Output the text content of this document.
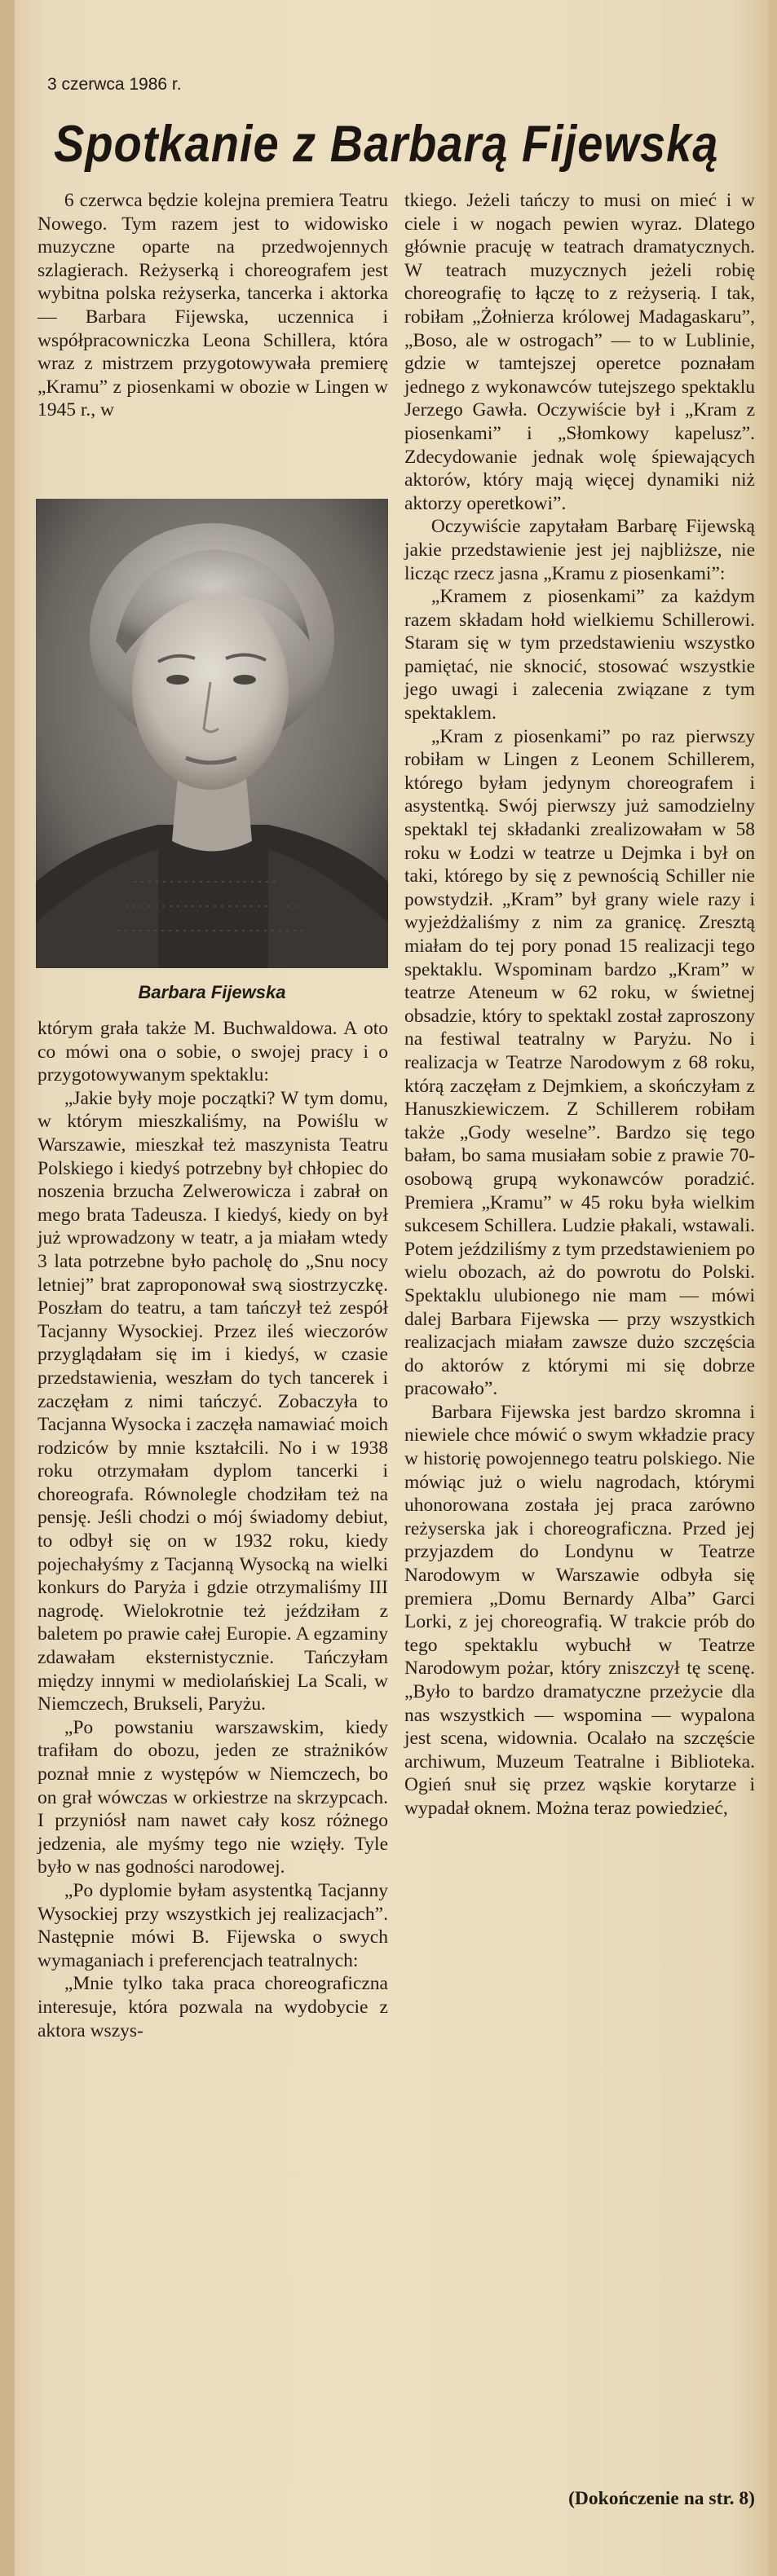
3 czerwca 1986 r.
Spotkanie z Barbarą Fijewską

6 czerwca będzie kolejna premiera Teatru Nowego. Tym razem jest to widowisko muzyczne oparte na przedwojennych szlagierach. Reżyserką i choreografem jest wybitna polska reżyserka, tancerka i aktorka — Barbara Fijewska, uczennica i współpracowniczka Leona Schillera, która wraz z mistrzem przygotowywała premierę „Kramu” z piosenkami w obozie w Lingen w 1945 r., w

Barbara Fijewska

którym grała także M. Buchwaldowa. A oto co mówi ona o sobie, o swojej pracy i o przygotowywanym spektaklu:

„Jakie były moje początki? W tym domu, w którym mieszkaliśmy, na Powiślu w Warszawie, mieszkał też maszynista Teatru Polskiego i kiedyś potrzebny był chłopiec do noszenia brzucha Zelwerowicza i zabrał on mego brata Tadeusza. I kiedyś, kiedy on był już wprowadzony w teatr, a ja miałam wtedy 3 lata potrzebne było pacholę do „Snu nocy letniej” brat zaproponował swą siostrzyczkę. Poszłam do teatru, a tam tańczył też zespół Tacjanny Wysockiej. Przez ileś wieczorów przyglądałam się im i kiedyś, w czasie przedstawienia, weszłam do tych tancerek i zaczęłam z nimi tańczyć. Zobaczyła to Tacjanna Wysocka i zaczęła namawiać moich rodziców by mnie kształcili. No i w 1938 roku otrzymałam dyplom tancerki i choreografa. Równolegle chodziłam też na pensję. Jeśli chodzi o mój świadomy debiut, to odbył się on w 1932 roku, kiedy pojechałyśmy z Tacjanną Wysocką na wielki konkurs do Paryża i gdzie otrzymaliśmy III nagrodę. Wielokrotnie też jeździłam z baletem po prawie całej Europie. A egzaminy zdawałam eksternistycznie. Tańczyłam między innymi w mediolańskiej La Scali, w Niemczech, Brukseli, Paryżu.

„Po powstaniu warszawskim, kiedy trafiłam do obozu, jeden ze strażników poznał mnie z występów w Niemczech, bo on grał wówczas w orkiestrze na skrzypcach. I przyniósł nam nawet cały kosz różnego jedzenia, ale myśmy tego nie wzięły. Tyle było w nas godności narodowej.

„Po dyplomie byłam asystentką Tacjanny Wysockiej przy wszystkich jej realizacjach”. Następnie mówi B. Fijewska o swych wymaganiach i preferencjach teatralnych:

„Mnie tylko taka praca choreograficzna interesuje, która pozwala na wydobycie z aktora wszys-

tkiego. Jeżeli tańczy to musi on mieć i w ciele i w nogach pewien wyraz. Dlatego głównie pracuję w teatrach dramatycznych. W teatrach muzycznych jeżeli robię choreografię to łączę to z reżyserią. I tak, robiłam „Żołnierza królowej Madagaskaru”, „Boso, ale w ostrogach” — to w Lublinie, gdzie w tamtejszej operetce poznałam jednego z wykonawców tutejszego spektaklu Jerzego Gawła. Oczywiście był i „Kram z piosenkami” i „Słomkowy kapelusz”. Zdecydowanie jednak wolę śpiewających aktorów, który mają więcej dynamiki niż aktorzy operetkowi”.

Oczywiście zapytałam Barbarę Fijewską jakie przedstawienie jest jej najbliższe, nie licząc rzecz jasna „Kramu z piosenkami”:

„Kramem z piosenkami” za każdym razem składam hołd wielkiemu Schillerowi. Staram się w tym przedstawieniu wszystko pamiętać, nie sknocić, stosować wszystkie jego uwagi i zalecenia związane z tym spektaklem.

„Kram z piosenkami” po raz pierwszy robiłam w Lingen z Leonem Schillerem, którego byłam jedynym choreografem i asystentką. Swój pierwszy już samodzielny spektakl tej składanki zrealizowałam w 58 roku w Łodzi w teatrze u Dejmka i był on taki, którego by się z pewnością Schiller nie powstydził. „Kram” był grany wiele razy i wyjeżdżaliśmy z nim za granicę. Zresztą miałam do tej pory ponad 15 realizacji tego spektaklu. Wspominam bardzo „Kram” w teatrze Ateneum w 62 roku, w świetnej obsadzie, który to spektakl został zaproszony na festiwal teatralny w Paryżu. No i realizacja w Teatrze Narodowym z 68 roku, którą zaczęłam z Dejmkiem, a skończyłam z Hanuszkiewiczem. Z Schillerem robiłam także „Gody weselne”. Bardzo się tego bałam, bo sama musiałam sobie z prawie 70-osobową grupą wykonawców poradzić. Premiera „Kramu” w 45 roku była wielkim sukcesem Schillera. Ludzie płakali, wstawali. Potem jeździliśmy z tym przedstawieniem po wielu obozach, aż do powrotu do Polski. Spektaklu ulubionego nie mam — mówi dalej Barbara Fijewska — przy wszystkich realizacjach miałam zawsze dużo szczęścia do aktorów z którymi mi się dobrze pracowało”.

Barbara Fijewska jest bardzo skromna i niewiele chce mówić o swym wkładzie pracy w historię powojennego teatru polskiego. Nie mówiąc już o wielu nagrodach, którymi uhonorowana została jej praca zarówno reżyserska jak i choreograficzna. Przed jej przyjazdem do Londynu w Teatrze Narodowym w Warszawie odbyła się premiera „Domu Bernardy Alba” Garci Lorki, z jej choreografią. W trakcie prób do tego spektaklu wybuchł w Teatrze Narodowym pożar, który zniszczył tę scenę. „Było to bardzo dramatyczne przeżycie dla nas wszystkich — wspomina — wypalona jest scena, widownia. Ocalało na szczęście archiwum, Muzeum Teatralne i Biblioteka. Ogień snuł się przez wąskie korytarze i wypadał oknem. Można teraz powiedzieć,

(Dokończenie na str. 8)
